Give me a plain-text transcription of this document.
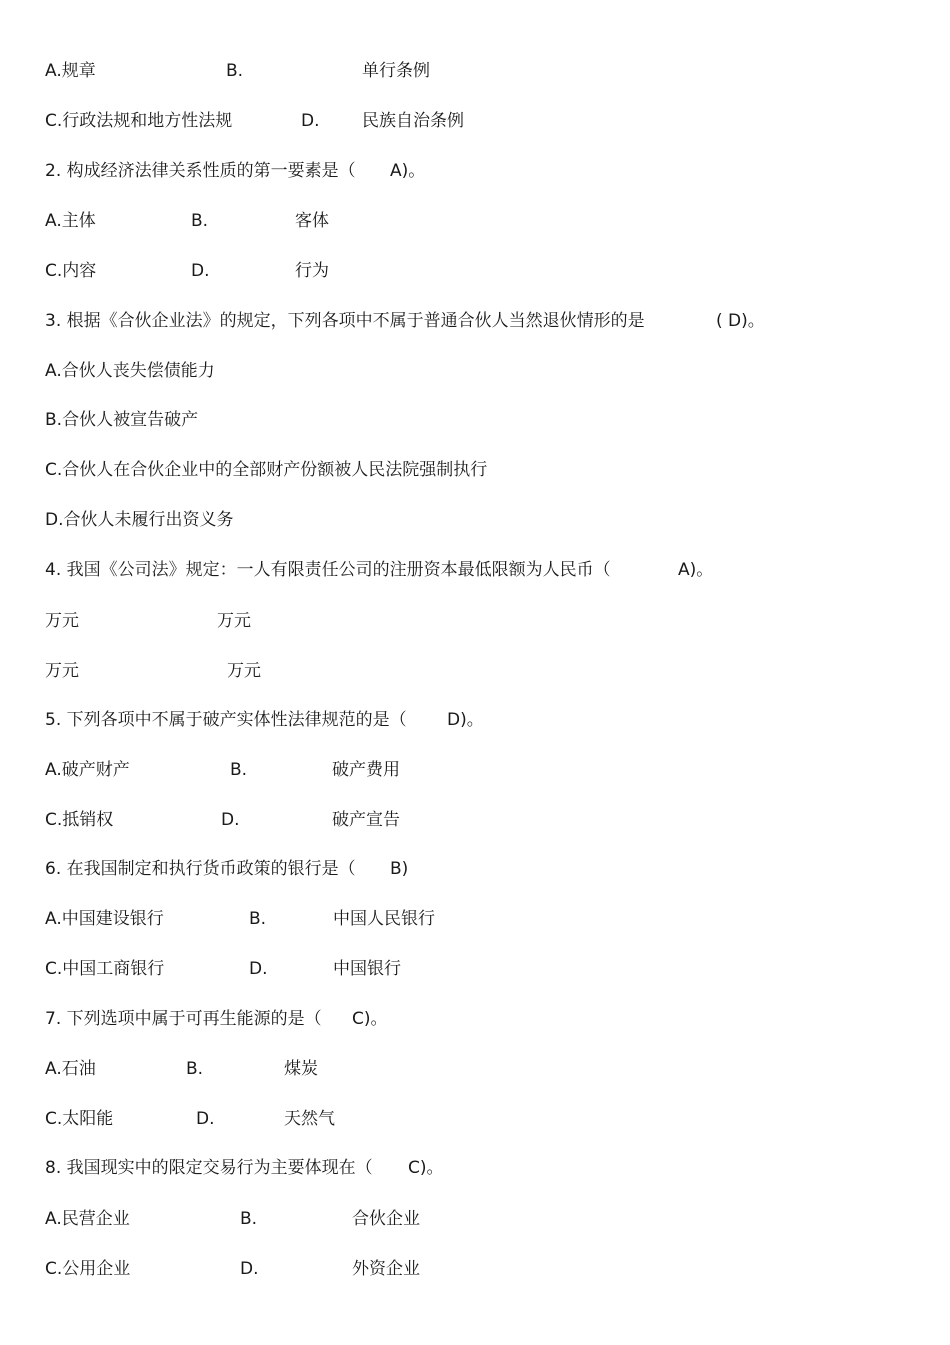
A.规章	B.	单行条例
C.行政法规和地方性法规	D.	民族自治条例
2. 构成经济法律关系性质的第一要素是（ A)。
A.主体	B.	客体
C.内容	D.	行为
3. 根据《合伙企业法》的规定，下列各项中不属于普通合伙人当然退伙情形的是	( D)。
A.合伙人丧失偿债能力
B.合伙人被宣告破产
C.合伙人在合伙企业中的全部财产份额被人民法院强制执行
D.合伙人未履行出资义务
4. 我国《公司法》规定：一人有限责任公司的注册资本最低限额为人民币（	A)。
万元	万元
万元	万元
5. 下列各项中不属于破产实体性法律规范的是（ D)。
A.破产财产	B.	破产费用
C.抵销权	D.	破产宣告
6. 在我国制定和执行货币政策的银行是（ B)
A.中国建设银行	B.	中国人民银行
C.中国工商银行	D.	中国银行
7. 下列选项中属于可再生能源的是（ C)。
A.石油	B.	煤炭
C.太阳能	D.	天然气
8. 我国现实中的限定交易行为主要体现在（ C)。
A.民营企业	B.	合伙企业
C.公用企业	D.	外资企业
